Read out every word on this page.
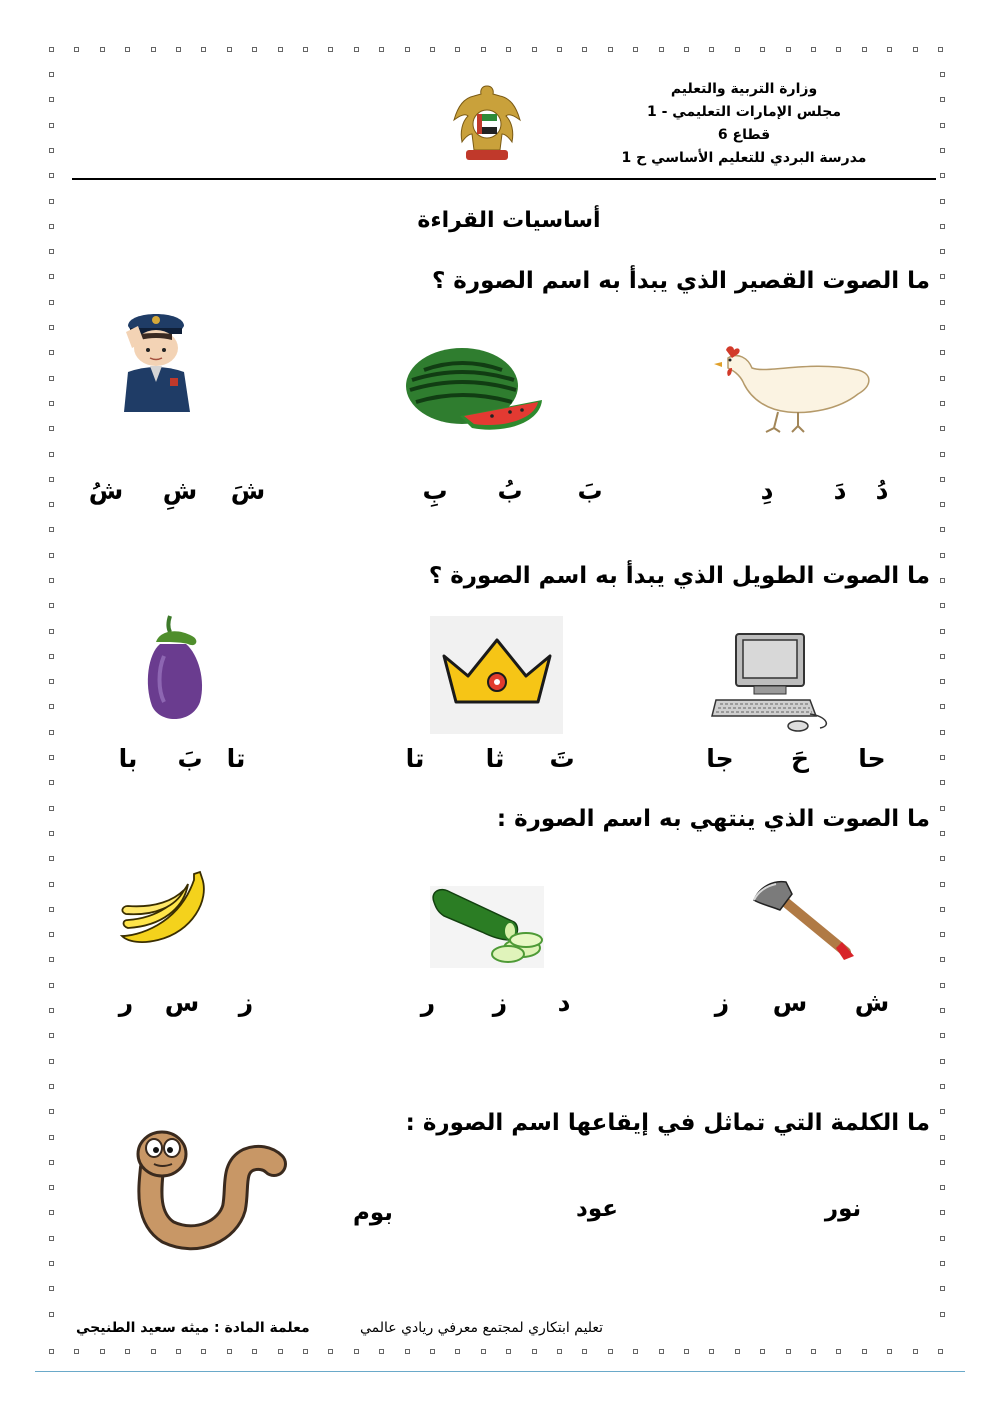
وزارة التربية والتعليم
مجلس الإمارات التعليمي - 1
قطاع 6
مدرسة البردي للتعليم الأساسي ح 1
أساسيات القراءة
ما الصوت القصير الذي يبدأ به اسم الصورة ؟
دُ
دَ
دِ
بَ
بُ
بِ
شَ
شِ
شُ
ما الصوت الطويل الذي يبدأ به اسم الصورة ؟
حا
حَ
جا
تَ
ثا
تا
تا
بَ
با
ما الصوت الذي ينتهي به اسم الصورة :
ش
س
ز
د
ز
ر
ز
س
ر
ما الكلمة التي تماثل في إيقاعها اسم الصورة :
نور
عود
بوم
تعليم ابتكاري لمجتمع معرفي ريادي عالمي
معلمة المادة : ميثه سعيد الطنيجي
